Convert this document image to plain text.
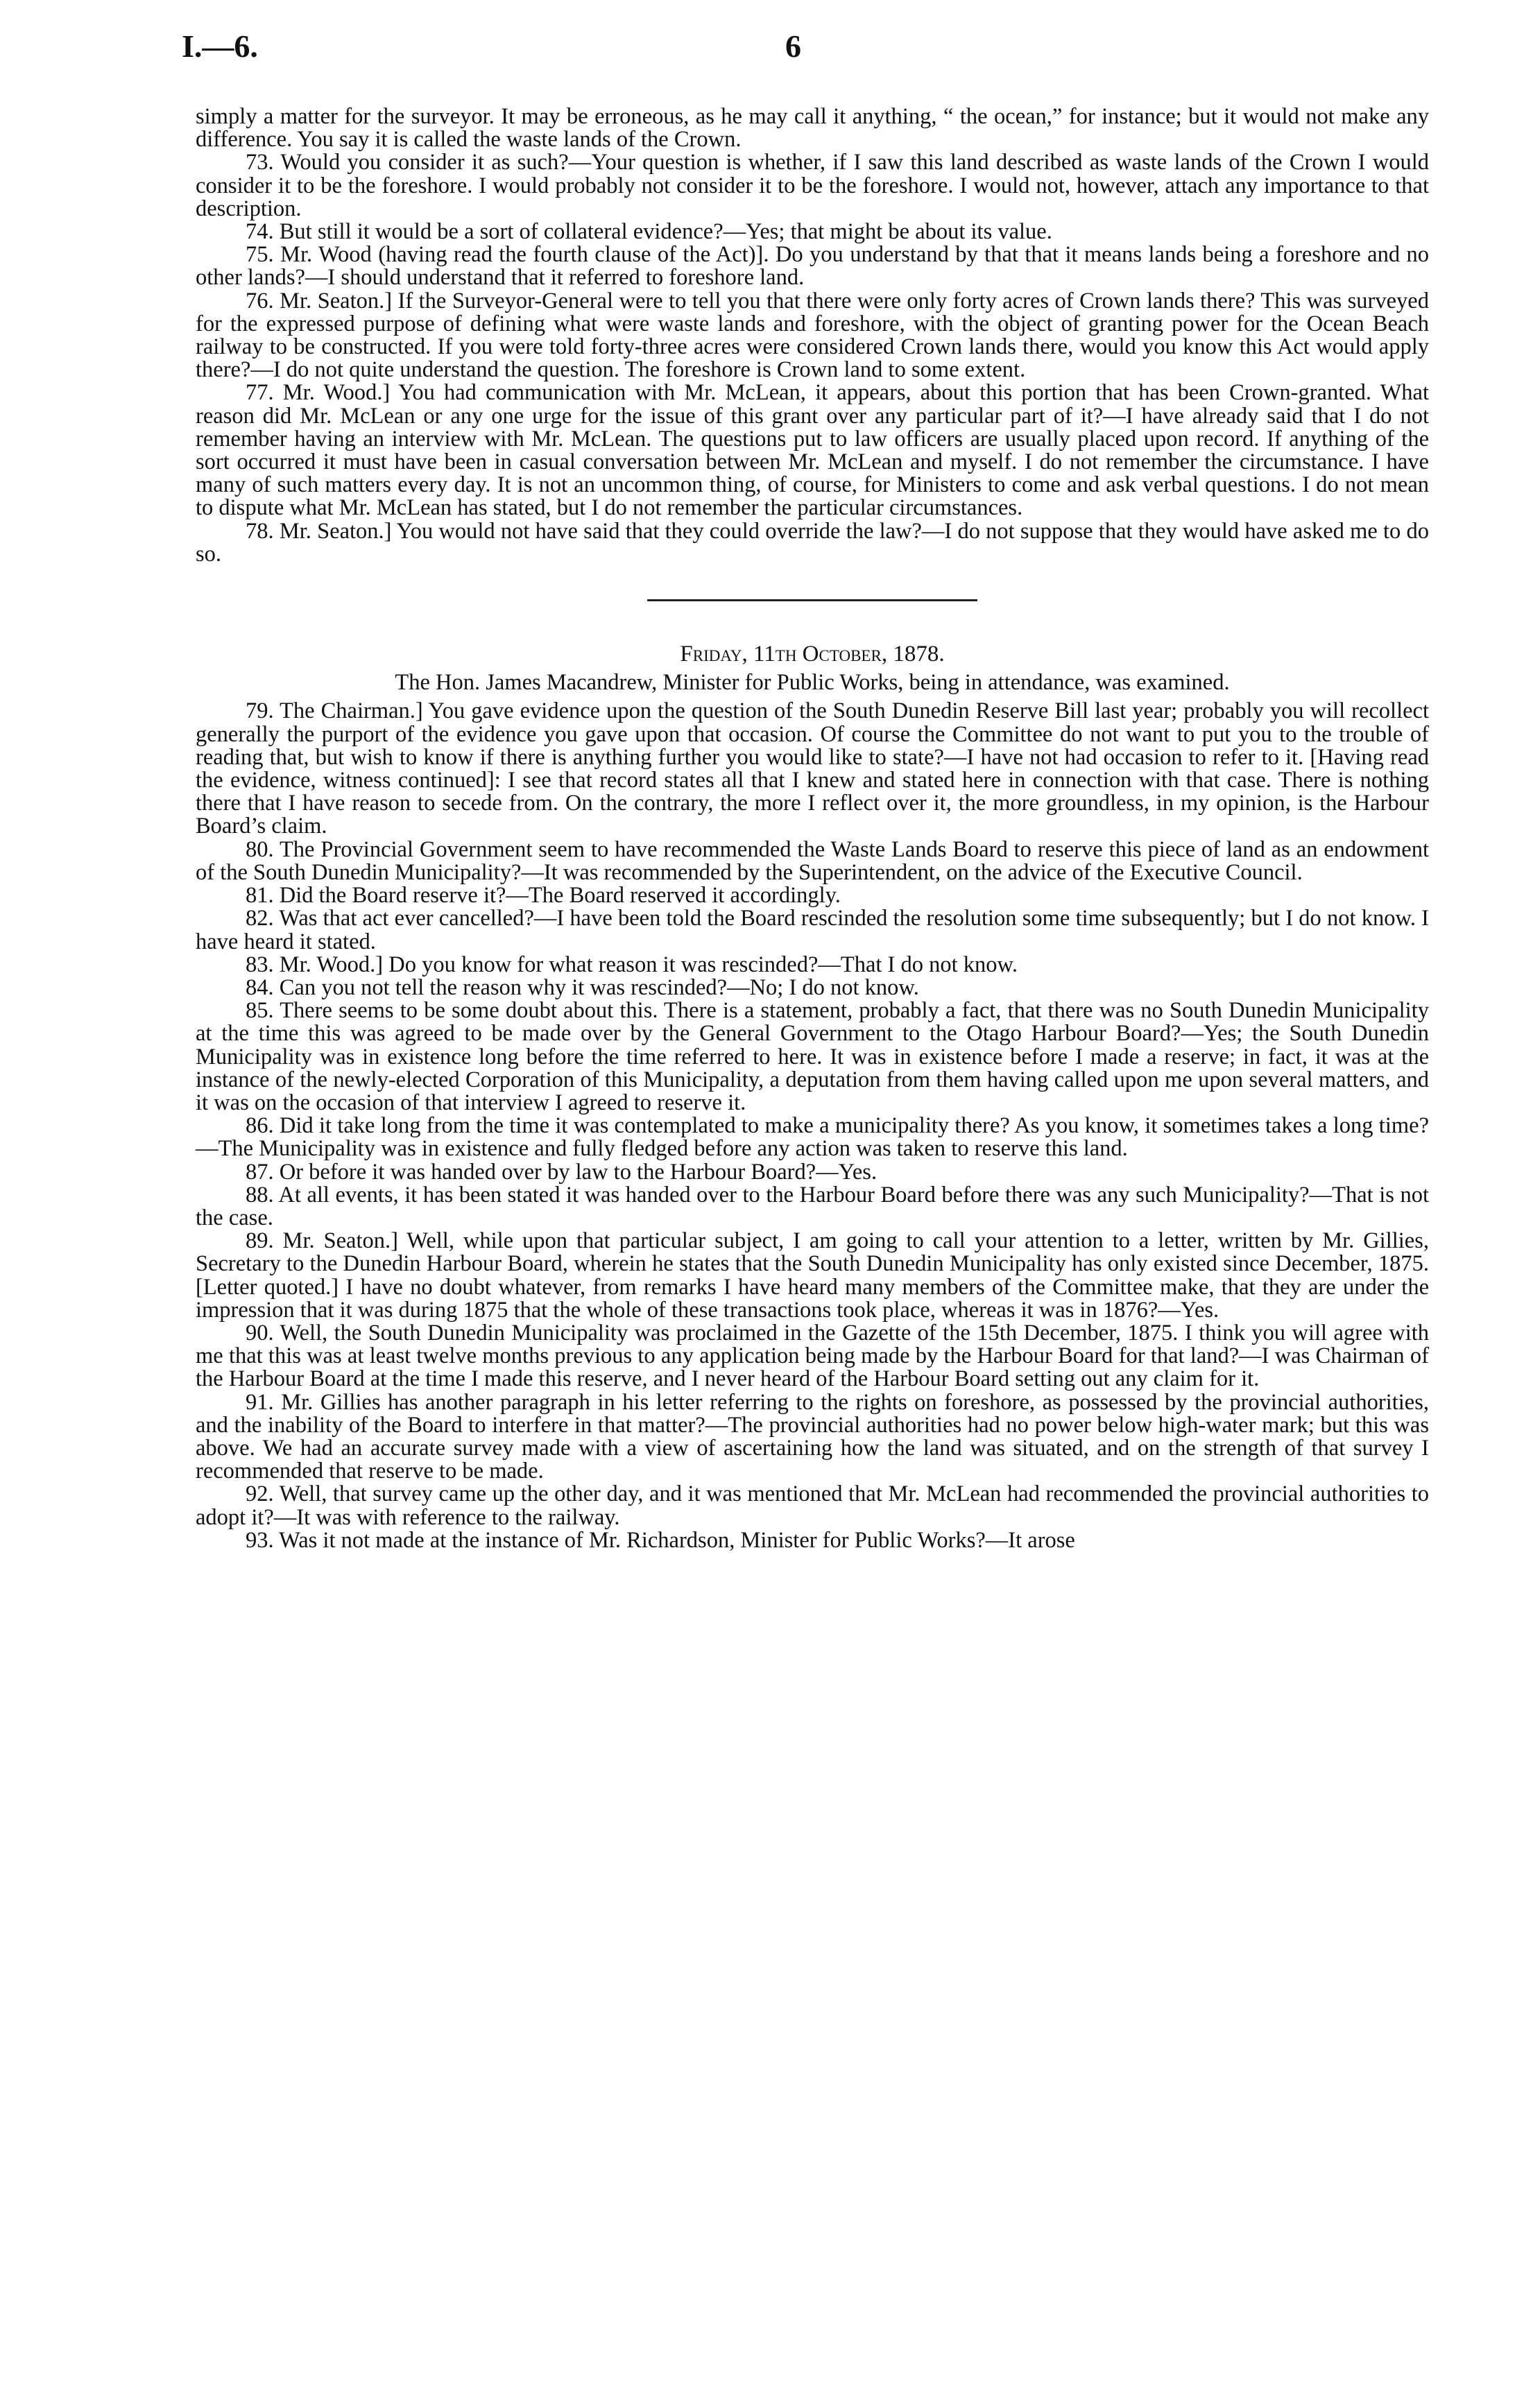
I.—6.	6

simply a matter for the surveyor. It may be erroneous, as he may call it anything, “ the ocean,” for instance; but it would not make any difference. You say it is called the waste lands of the Crown.

73. Would you consider it as such?—Your question is whether, if I saw this land described as waste lands of the Crown I would consider it to be the foreshore. I would probably not consider it to be the foreshore. I would not, however, attach any importance to that description.

74. But still it would be a sort of collateral evidence?—Yes; that might be about its value.

75. Mr. Wood (having read the fourth clause of the Act)]. Do you understand by that that it means lands being a foreshore and no other lands?—I should understand that it referred to foreshore land.

76. Mr. Seaton.] If the Surveyor-General were to tell you that there were only forty acres of Crown lands there? This was surveyed for the expressed purpose of defining what were waste lands and foreshore, with the object of granting power for the Ocean Beach railway to be constructed. If you were told forty-three acres were considered Crown lands there, would you know this Act would apply there?—I do not quite understand the question. The foreshore is Crown land to some extent.

77. Mr. Wood.] You had communication with Mr. McLean, it appears, about this portion that has been Crown-granted. What reason did Mr. McLean or any one urge for the issue of this grant over any particular part of it?—I have already said that I do not remember having an interview with Mr. McLean. The questions put to law officers are usually placed upon record. If anything of the sort occurred it must have been in casual conversation between Mr. McLean and myself. I do not remember the circumstance. I have many of such matters every day. It is not an uncommon thing, of course, for Ministers to come and ask verbal questions. I do not mean to dispute what Mr. McLean has stated, but I do not remember the particular circumstances.

78. Mr. Seaton.] You would not have said that they could override the law?—I do not suppose that they would have asked me to do so.

Friday, 11th October, 1878.

The Hon. James Macandrew, Minister for Public Works, being in attendance, was examined.

79. The Chairman.] You gave evidence upon the question of the South Dunedin Reserve Bill last year; probably you will recollect generally the purport of the evidence you gave upon that occasion. Of course the Committee do not want to put you to the trouble of reading that, but wish to know if there is anything further you would like to state?—I have not had occasion to refer to it. [Having read the evidence, witness continued]: I see that record states all that I knew and stated here in connection with that case. There is nothing there that I have reason to secede from. On the contrary, the more I reflect over it, the more groundless, in my opinion, is the Harbour Board’s claim.

80. The Provincial Government seem to have recommended the Waste Lands Board to reserve this piece of land as an endowment of the South Dunedin Municipality?—It was recommended by the Superintendent, on the advice of the Executive Council.

81. Did the Board reserve it?—The Board reserved it accordingly.

82. Was that act ever cancelled?—I have been told the Board rescinded the resolution some time subsequently; but I do not know. I have heard it stated.

83. Mr. Wood.] Do you know for what reason it was rescinded?—That I do not know.

84. Can you not tell the reason why it was rescinded?—No; I do not know.

85. There seems to be some doubt about this. There is a statement, probably a fact, that there was no South Dunedin Municipality at the time this was agreed to be made over by the General Government to the Otago Harbour Board?—Yes; the South Dunedin Municipality was in existence long before the time referred to here. It was in existence before I made a reserve; in fact, it was at the instance of the newly-elected Corporation of this Municipality, a deputation from them having called upon me upon several matters, and it was on the occasion of that interview I agreed to reserve it.

86. Did it take long from the time it was contemplated to make a municipality there? As you know, it sometimes takes a long time?—The Municipality was in existence and fully fledged before any action was taken to reserve this land.

87. Or before it was handed over by law to the Harbour Board?—Yes.

88. At all events, it has been stated it was handed over to the Harbour Board before there was any such Municipality?—That is not the case.

89. Mr. Seaton.] Well, while upon that particular subject, I am going to call your attention to a letter, written by Mr. Gillies, Secretary to the Dunedin Harbour Board, wherein he states that the South Dunedin Municipality has only existed since December, 1875. [Letter quoted.] I have no doubt whatever, from remarks I have heard many members of the Committee make, that they are under the impression that it was during 1875 that the whole of these transactions took place, whereas it was in 1876?—Yes.

90. Well, the South Dunedin Municipality was proclaimed in the Gazette of the 15th December, 1875. I think you will agree with me that this was at least twelve months previous to any application being made by the Harbour Board for that land?—I was Chairman of the Harbour Board at the time I made this reserve, and I never heard of the Harbour Board setting out any claim for it.

91. Mr. Gillies has another paragraph in his letter referring to the rights on foreshore, as possessed by the provincial authorities, and the inability of the Board to interfere in that matter?—The provincial authorities had no power below high-water mark; but this was above. We had an accurate survey made with a view of ascertaining how the land was situated, and on the strength of that survey I recommended that reserve to be made.

92. Well, that survey came up the other day, and it was mentioned that Mr. McLean had recommended the provincial authorities to adopt it?—It was with reference to the railway.

93. Was it not made at the instance of Mr. Richardson, Minister for Public Works?—It arose
